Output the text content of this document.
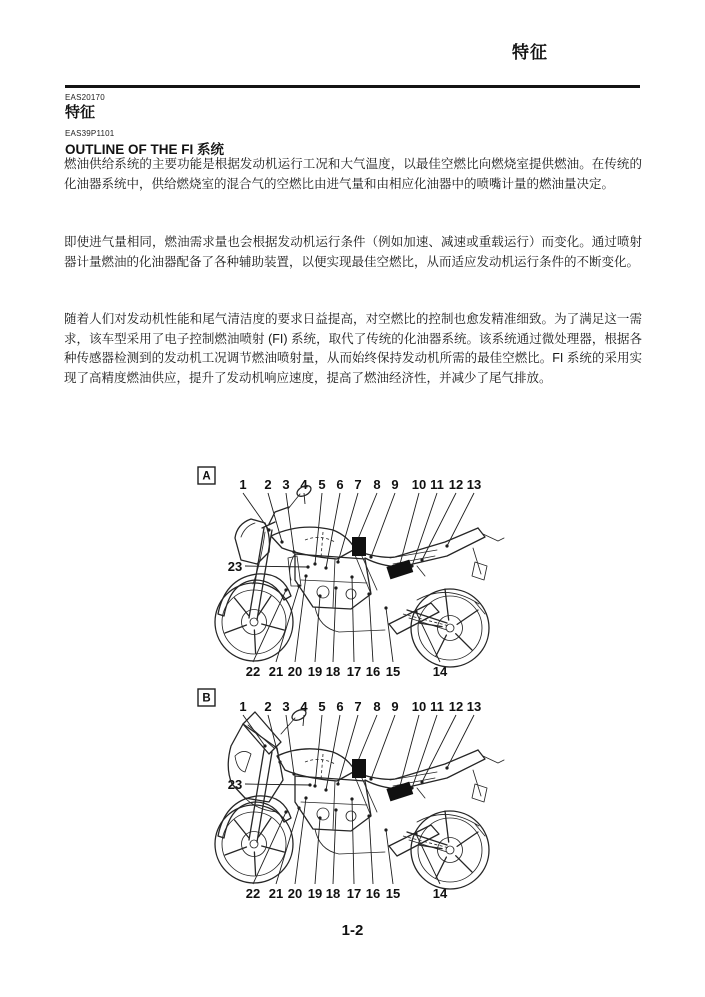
特征
EAS20170
特征
EAS39P1101
OUTLINE OF THE FI 系统
燃油供给系统的主要功能是根据发动机运行工况和大气温度，以最佳空燃比向燃烧室提供燃油。在传统的化油器系统中，供给燃烧室的混合气的空燃比由进气量和由相应化油器中的喷嘴计量的燃油量决定。
即使进气量相同，燃油需求量也会根据发动机运行条件（例如加速、减速或重载运行）而变化。通过喷射器计量燃油的化油器配备了各种辅助装置，以便实现最佳空燃比，从而适应发动机运行条件的不断变化。
随着人们对发动机性能和尾气清洁度的要求日益提高，对空燃比的控制也愈发精准细致。为了满足这一需求，该车型采用了电子控制燃油喷射 (FI) 系统，取代了传统的化油器系统。该系统通过微处理器，根据各种传感器检测到的发动机工况调节燃油喷射量，从而始终保持发动机所需的最佳空燃比。FI 系统的采用实现了高精度燃油供应，提升了发动机响应速度，提高了燃油经济性，并减少了尾气排放。
A
1 2 3 4 5 6 7 8 9 10 11 12 13
23
22 21 20 19 18 17 16 15	14
B
1 2 3 4 5 6 7 8 9 10 11 12 13
23
22 21 20 19 18 17 16 15	14
1-2
